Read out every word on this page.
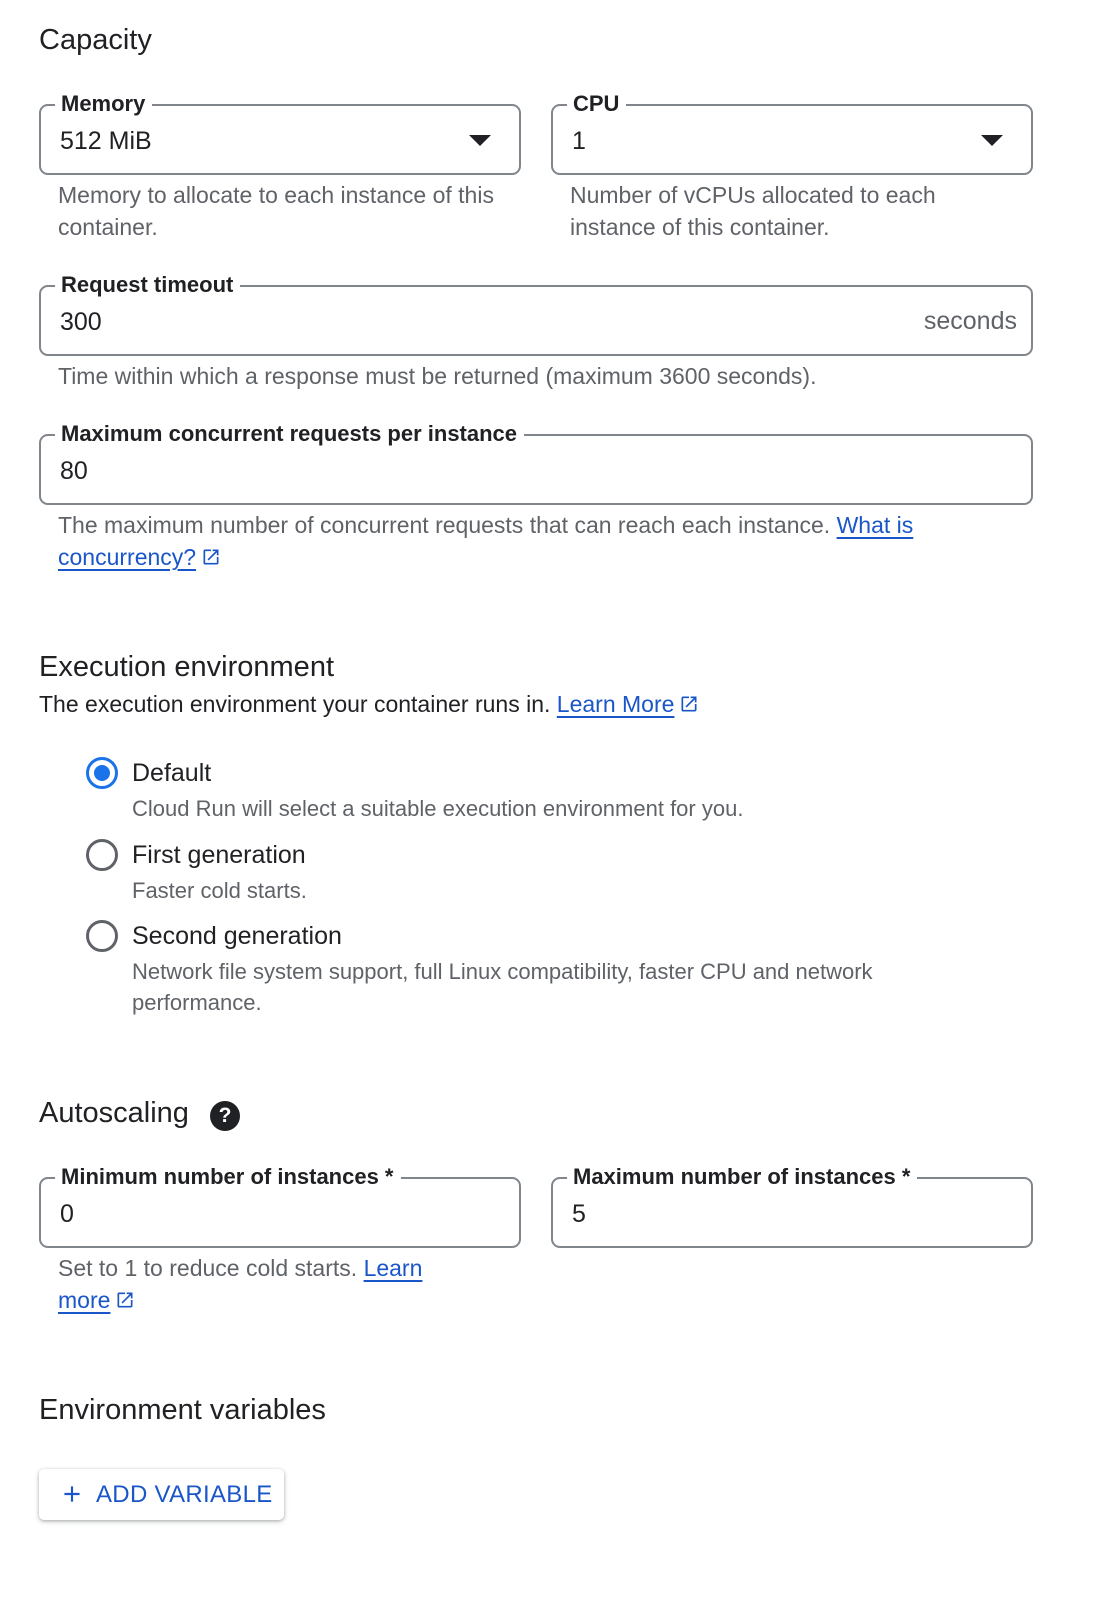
Capacity
Memory
512 MiB
Memory to allocate to each instance of this container.
CPU
1
Number of vCPUs allocated to each instance of this container.
Request timeout
300	seconds
Time within which a response must be returned (maximum 3600 seconds).
Maximum concurrent requests per instance
80
The maximum number of concurrent requests that can reach each instance. What is concurrency?
Execution environment
The execution environment your container runs in. Learn More
Default
Cloud Run will select a suitable execution environment for you.
First generation
Faster cold starts.
Second generation
Network file system support, full Linux compatibility, faster CPU and network performance.
Autoscaling	?
Minimum number of instances *
0
Set to 1 to reduce cold starts. Learn more
Maximum number of instances *
5
Environment variables
ADD VARIABLE
